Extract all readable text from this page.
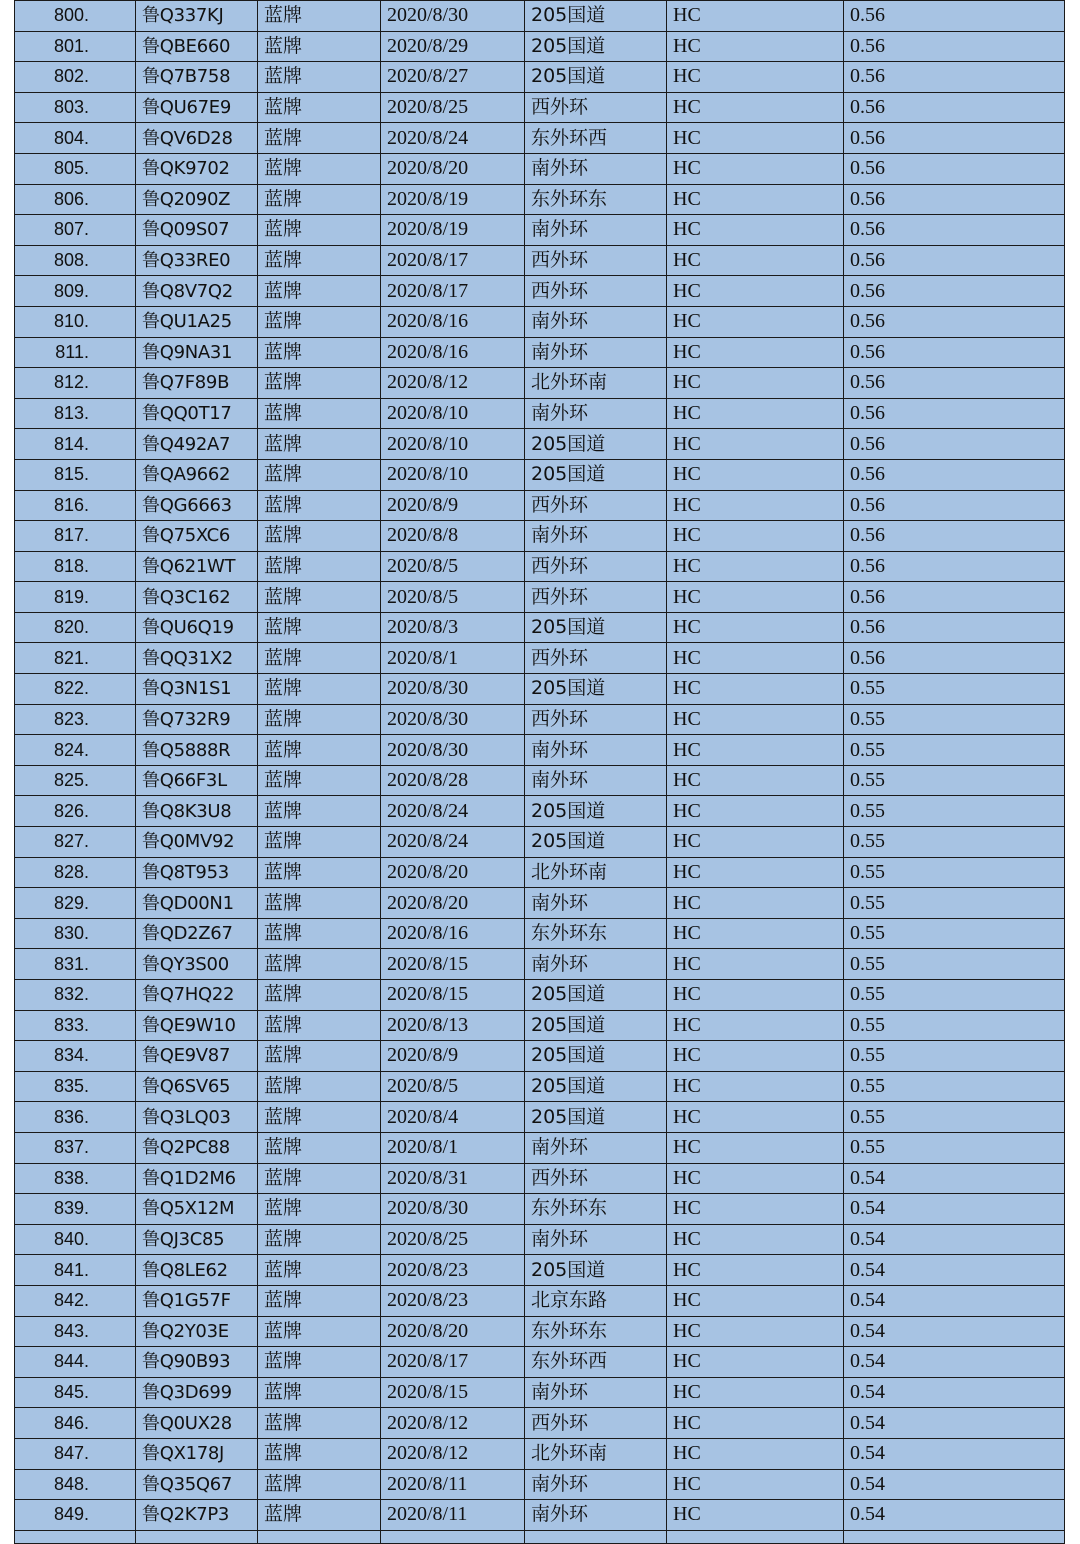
800.	鲁Q337KJ	蓝牌	2020/8/30	205国道	HC	0.56
801.	鲁QBE660	蓝牌	2020/8/29	205国道	HC	0.56
802.	鲁Q7B758	蓝牌	2020/8/27	205国道	HC	0.56
803.	鲁QU67E9	蓝牌	2020/8/25	西外环	HC	0.56
804.	鲁QV6D28	蓝牌	2020/8/24	东外环西	HC	0.56
805.	鲁QK9702	蓝牌	2020/8/20	南外环	HC	0.56
806.	鲁Q2090Z	蓝牌	2020/8/19	东外环东	HC	0.56
807.	鲁Q09S07	蓝牌	2020/8/19	南外环	HC	0.56
808.	鲁Q33RE0	蓝牌	2020/8/17	西外环	HC	0.56
809.	鲁Q8V7Q2	蓝牌	2020/8/17	西外环	HC	0.56
810.	鲁QU1A25	蓝牌	2020/8/16	南外环	HC	0.56
811.	鲁Q9NA31	蓝牌	2020/8/16	南外环	HC	0.56
812.	鲁Q7F89B	蓝牌	2020/8/12	北外环南	HC	0.56
813.	鲁QQ0T17	蓝牌	2020/8/10	南外环	HC	0.56
814.	鲁Q492A7	蓝牌	2020/8/10	205国道	HC	0.56
815.	鲁QA9662	蓝牌	2020/8/10	205国道	HC	0.56
816.	鲁QG6663	蓝牌	2020/8/9	西外环	HC	0.56
817.	鲁Q75XC6	蓝牌	2020/8/8	南外环	HC	0.56
818.	鲁Q621WT	蓝牌	2020/8/5	西外环	HC	0.56
819.	鲁Q3C162	蓝牌	2020/8/5	西外环	HC	0.56
820.	鲁QU6Q19	蓝牌	2020/8/3	205国道	HC	0.56
821.	鲁QQ31X2	蓝牌	2020/8/1	西外环	HC	0.56
822.	鲁Q3N1S1	蓝牌	2020/8/30	205国道	HC	0.55
823.	鲁Q732R9	蓝牌	2020/8/30	西外环	HC	0.55
824.	鲁Q5888R	蓝牌	2020/8/30	南外环	HC	0.55
825.	鲁Q66F3L	蓝牌	2020/8/28	南外环	HC	0.55
826.	鲁Q8K3U8	蓝牌	2020/8/24	205国道	HC	0.55
827.	鲁Q0MV92	蓝牌	2020/8/24	205国道	HC	0.55
828.	鲁Q8T953	蓝牌	2020/8/20	北外环南	HC	0.55
829.	鲁QD00N1	蓝牌	2020/8/20	南外环	HC	0.55
830.	鲁QD2Z67	蓝牌	2020/8/16	东外环东	HC	0.55
831.	鲁QY3S00	蓝牌	2020/8/15	南外环	HC	0.55
832.	鲁Q7HQ22	蓝牌	2020/8/15	205国道	HC	0.55
833.	鲁QE9W10	蓝牌	2020/8/13	205国道	HC	0.55
834.	鲁QE9V87	蓝牌	2020/8/9	205国道	HC	0.55
835.	鲁Q6SV65	蓝牌	2020/8/5	205国道	HC	0.55
836.	鲁Q3LQ03	蓝牌	2020/8/4	205国道	HC	0.55
837.	鲁Q2PC88	蓝牌	2020/8/1	南外环	HC	0.55
838.	鲁Q1D2M6	蓝牌	2020/8/31	西外环	HC	0.54
839.	鲁Q5X12M	蓝牌	2020/8/30	东外环东	HC	0.54
840.	鲁QJ3C85	蓝牌	2020/8/25	南外环	HC	0.54
841.	鲁Q8LE62	蓝牌	2020/8/23	205国道	HC	0.54
842.	鲁Q1G57F	蓝牌	2020/8/23	北京东路	HC	0.54
843.	鲁Q2Y03E	蓝牌	2020/8/20	东外环东	HC	0.54
844.	鲁Q90B93	蓝牌	2020/8/17	东外环西	HC	0.54
845.	鲁Q3D699	蓝牌	2020/8/15	南外环	HC	0.54
846.	鲁Q0UX28	蓝牌	2020/8/12	西外环	HC	0.54
847.	鲁QX178J	蓝牌	2020/8/12	北外环南	HC	0.54
848.	鲁Q35Q67	蓝牌	2020/8/11	南外环	HC	0.54
849.	鲁Q2K7P3	蓝牌	2020/8/11	南外环	HC	0.54
